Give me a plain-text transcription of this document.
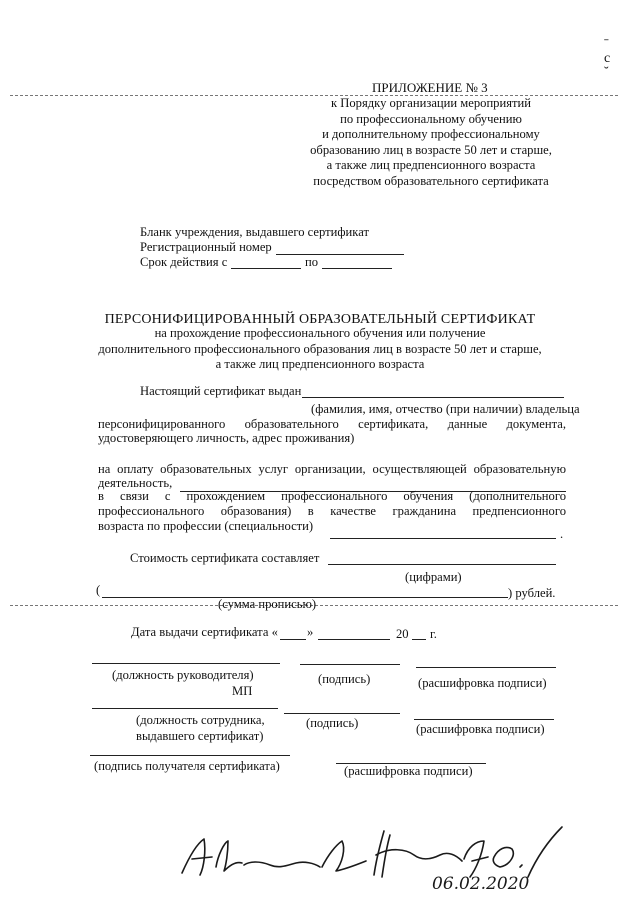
ˉ
c
˘
ПРИЛОЖЕНИЕ № 3
к Порядку организации мероприятий
по профессиональному обучению
и дополнительному профессиональному
образованию лиц в возрасте 50 лет и старше,
а также лиц предпенсионного возраста
посредством образовательного сертификата
Бланк учреждения, выдавшего сертификат
Регистрационный номер
Срок действия с	по
ПЕРСОНИФИЦИРОВАННЫЙ ОБРАЗОВАТЕЛЬНЫЙ СЕРТИФИКАТ
на прохождение профессионального обучения или получение
дополнительного профессионального образования лиц в возрасте 50 лет и старше,
а также лиц предпенсионного возраста
Настоящий сертификат выдан
(фамилия, имя, отчество (при наличии) владельца
персонифицированного образовательного сертификата, данные документа,
удостоверяющего личность, адрес проживания)
на оплату образовательных услуг организации, осуществляющей образовательную
деятельность,
в связи с прохождением профессионального обучения (дополнительного
профессионального образования) в качестве гражданина предпенсионного
возраста по профессии (специальности)
.
Стоимость сертификата составляет
(цифрами)
(	) рублей.
(сумма прописью)
Дата выдачи сертификата « »	20 г.
(должность руководителя)	(подпись)	(расшифровка подписи)
МП
(должность сотрудника,
выдавшего сертификат)
(подпись)	(расшифровка подписи)
(подпись получателя сертификата)	(расшифровка подписи)
06.02.2020
